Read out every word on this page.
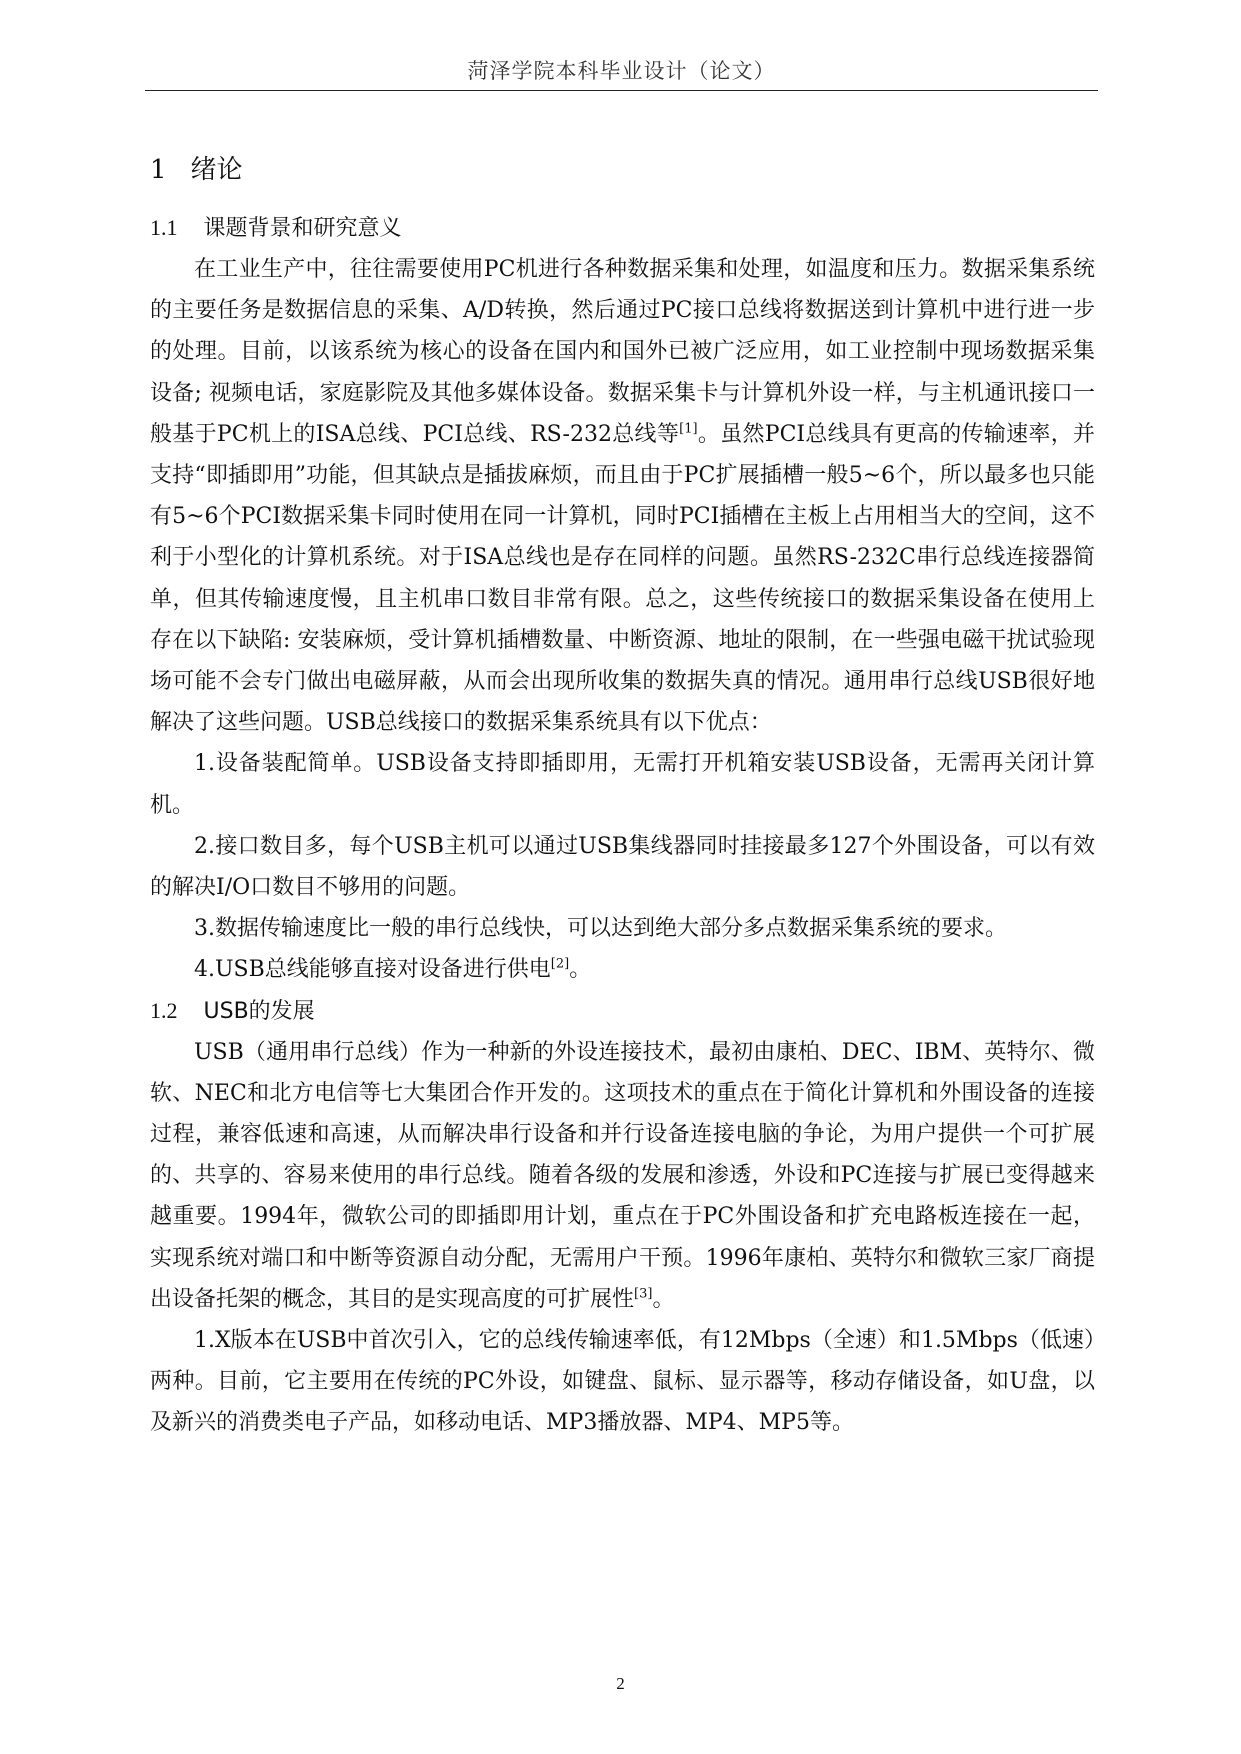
菏泽学院本科毕业设计（论文）
1 绪论
1.1 课题背景和研究意义

在工业生产中，往往需要使用PC机进行各种数据采集和处理，如温度和压力。数据采集系统的主要任务是数据信息的采集、A/D转换，然后通过PC接口总线将数据送到计算机中进行进一步的处理。目前，以该系统为核心的设备在国内和国外已被广泛应用，如工业控制中现场数据采集设备; 视频电话，家庭影院及其他多媒体设备。数据采集卡与计算机外设一样，与主机通讯接口一般基于PC机上的ISA总线、PCI总线、RS-232总线等[1]。虽然PCI总线具有更高的传输速率，并支持“即插即用”功能，但其缺点是插拔麻烦，而且由于PC扩展插槽一般5~6个，所以最多也只能有5~6个PCI数据采集卡同时使用在同一计算机，同时PCI插槽在主板上占用相当大的空间，这不利于小型化的计算机系统。对于ISA总线也是存在同样的问题。虽然RS-232C串行总线连接器简单，但其传输速度慢，且主机串口数目非常有限。总之，这些传统接口的数据采集设备在使用上存在以下缺陷: 安装麻烦，受计算机插槽数量、中断资源、地址的限制，在一些强电磁干扰试验现场可能不会专门做出电磁屏蔽，从而会出现所收集的数据失真的情况。通用串行总线USB很好地解决了这些问题。USB总线接口的数据采集系统具有以下优点：

1.设备装配简单。USB设备支持即插即用，无需打开机箱安装USB设备，无需再关闭计算机。

2.接口数目多，每个USB主机可以通过USB集线器同时挂接最多127个外围设备，可以有效的解决I/O口数目不够用的问题。

3.数据传输速度比一般的串行总线快，可以达到绝大部分多点数据采集系统的要求。

4.USB总线能够直接对设备进行供电[2]。

1.2 USB的发展

USB（通用串行总线）作为一种新的外设连接技术，最初由康柏、DEC、IBM、英特尔、微软、NEC和北方电信等七大集团合作开发的。这项技术的重点在于简化计算机和外围设备的连接过程，兼容低速和高速，从而解决串行设备和并行设备连接电脑的争论，为用户提供一个可扩展的、共享的、容易来使用的串行总线。随着各级的发展和渗透，外设和PC连接与扩展已变得越来越重要。1994年，微软公司的即插即用计划，重点在于PC外围设备和扩充电路板连接在一起，实现系统对端口和中断等资源自动分配，无需用户干预。1996年康柏、英特尔和微软三家厂商提出设备托架的概念，其目的是实现高度的可扩展性[3]。

1.X版本在USB中首次引入，它的总线传输速率低，有12Mbps（全速）和1.5Mbps（低速）两种。目前，它主要用在传统的PC外设，如键盘、鼠标、显示器等，移动存储设备，如U盘，以及新兴的消费类电子产品，如移动电话、MP3播放器、MP4、MP5等。

2
